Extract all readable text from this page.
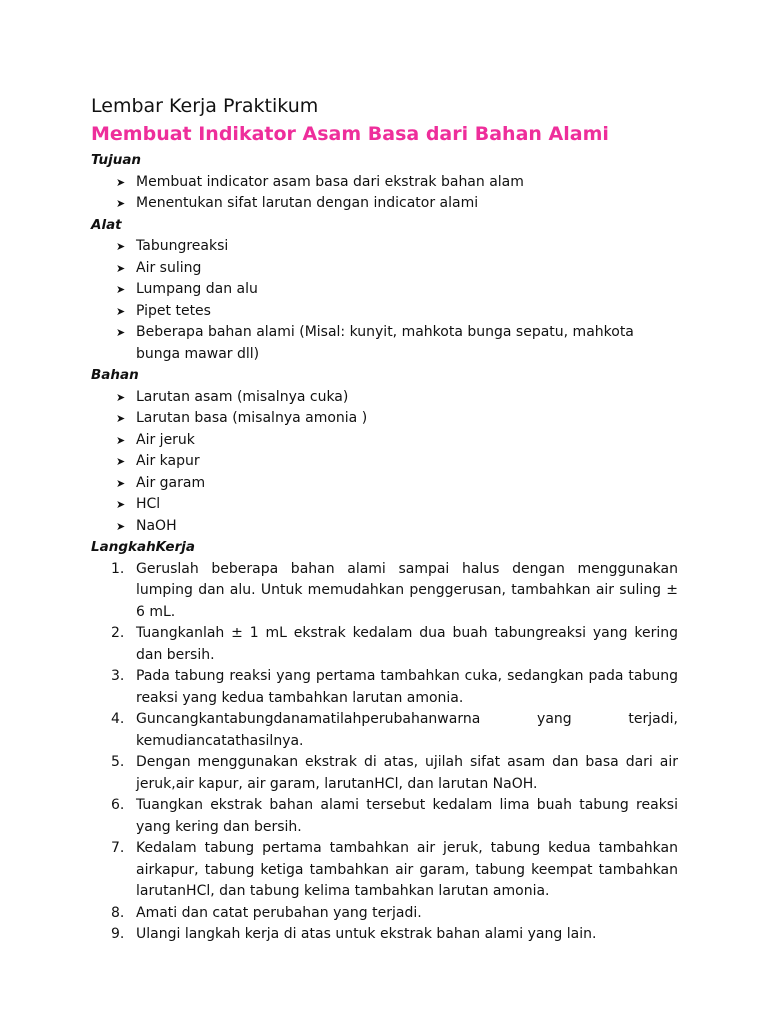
Lembar Kerja Praktikum
Membuat Indikator Asam Basa dari Bahan Alami
Tujuan
➤ Membuat indicator asam basa dari ekstrak bahan alam
➤ Menentukan sifat larutan dengan indicator alami
Alat
➤ Tabungreaksi
➤ Air suling
➤ Lumpang dan alu
➤ Pipet tetes
➤ Beberapa bahan alami (Misal: kunyit, mahkota bunga sepatu, mahkota bunga mawar dll)
Bahan
➤ Larutan asam (misalnya cuka)
➤ Larutan basa (misalnya amonia )
➤ Air jeruk
➤ Air kapur
➤ Air garam
➤ HCl
➤ NaOH
LangkahKerja
1. Geruslah beberapa bahan alami sampai halus dengan menggunakan lumping dan alu. Untuk memudahkan penggerusan, tambahkan air suling ± 6 mL.
2. Tuangkanlah ± 1 mL ekstrak kedalam dua buah tabungreaksi yang kering dan bersih.
3. Pada tabung reaksi yang pertama tambahkan cuka, sedangkan pada tabung reaksi yang kedua tambahkan larutan amonia.
4. Guncangkantabungdanamatilahperubahanwarna yang terjadi, kemudiancatathasilnya.
5. Dengan menggunakan ekstrak di atas, ujilah sifat asam dan basa dari air jeruk,air kapur, air garam, larutanHCl, dan larutan NaOH.
6. Tuangkan ekstrak bahan alami tersebut kedalam lima buah tabung reaksi yang kering dan bersih.
7. Kedalam tabung pertama tambahkan air jeruk, tabung kedua tambahkan airkapur, tabung ketiga tambahkan air garam, tabung keempat tambahkan larutanHCl, dan tabung kelima tambahkan larutan amonia.
8. Amati dan catat perubahan yang terjadi.
9. Ulangi langkah kerja di atas untuk ekstrak bahan alami yang lain.
